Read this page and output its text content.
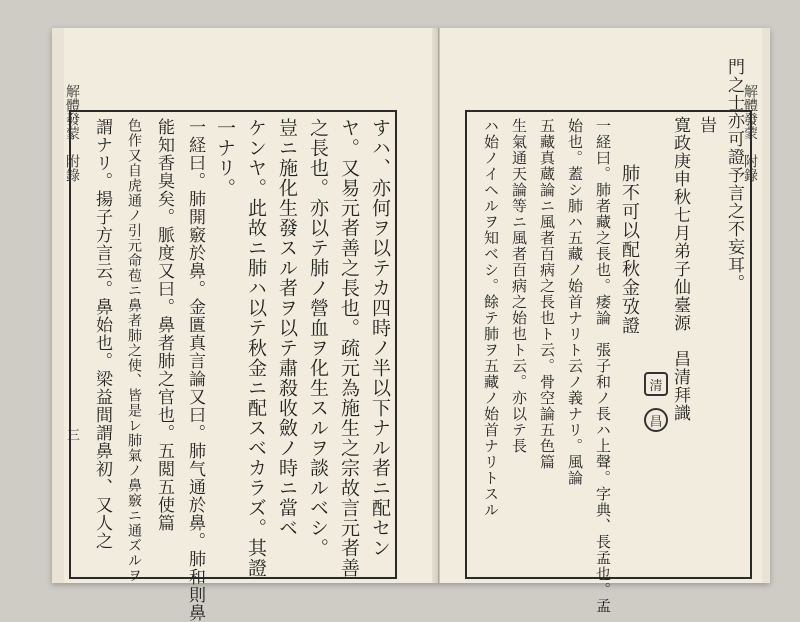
解體發蒙　附錄
三	すハ、亦何ヲ以テカ四時ノ半以下ナル者ニ配セン
ヤ。又易元者善之長也。疏元為施生之宗故言元者善
之長也。亦以テ肺ノ營血ヲ化生スルヲ談ルベシ。
豈ニ施化生發スル者ヲ以テ肅殺收斂ノ時ニ當ベ
ケンヤ。此故ニ肺ハ以テ秋金ニ配スベカラズ。其證
一ナリ。
一経曰。肺開竅於鼻。金匱真言論又曰。肺气通於鼻。肺和則鼻
能知香臭矣。脈度又曰。鼻者肺之官也。五閲五使篇
色作又自虎通ノ引元命苞ニ鼻者肺之使、皆是レ肺氣ノ鼻竅ニ通ズルヲ
謂ナリ。揚子方言云。鼻始也。梁益間謂鼻初、又人之	解體發蒙　附錄
門之士亦可證予言之不妄耳。
旹
寛政庚申秋七月弟子仙臺源　昌清拜識
肺不可以配秋金攷證
一経曰。肺者藏之長也。痿論　張子和ノ長ハ上聲。字典、長孟也。孟
始也。蓋シ肺ハ五藏ノ始首ナリト云ノ義ナリ。風論
五藏真蔵論ニ風者百病之長也ト云。骨空論五色篇
生氣通天論等ニ風者百病之始也ト云。亦以テ長
ハ始ノイヘルヲ知ベシ。餘テ肺ヲ五藏ノ始首ナリトスル	清
昌
